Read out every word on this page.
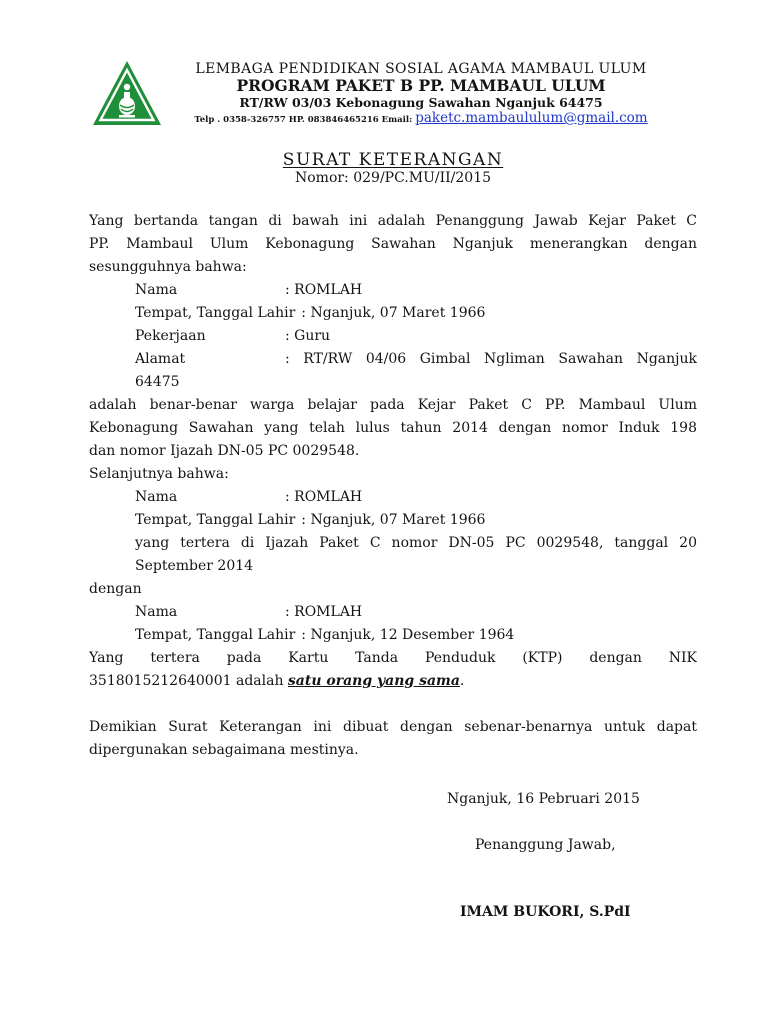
LEMBAGA PENDIDIKAN SOSIAL AGAMA MAMBAUL ULUM
PROGRAM PAKET B PP. MAMBAUL ULUM
RT/RW 03/03 Kebonagung Sawahan Nganjuk 64475
Telp . 0358-326757 HP. 083846465216 Email: paketc.mambaululum@gmail.com
SURAT KETERANGAN
Nomor: 029/PC.MU/II/2015
Yang bertanda tangan di bawah ini adalah Penanggung Jawab Kejar Paket C
PP. Mambaul Ulum Kebonagung Sawahan Nganjuk menerangkan dengan
sesungguhnya bahwa:
Nama	: ROMLAH
Tempat, Tanggal Lahir : Nganjuk, 07 Maret 1966
Pekerjaan	: Guru
Alamat	: RT/RW 04/06 Gimbal Ngliman Sawahan Nganjuk
64475
adalah benar-benar warga belajar pada Kejar Paket C PP. Mambaul Ulum
Kebonagung Sawahan yang telah lulus tahun 2014 dengan nomor Induk 198
dan nomor Ijazah DN-05 PC 0029548.
Selanjutnya bahwa:
Nama	: ROMLAH
Tempat, Tanggal Lahir : Nganjuk, 07 Maret 1966
yang tertera di Ijazah Paket C nomor DN-05 PC 0029548, tanggal 20
September 2014
dengan
Nama	: ROMLAH
Tempat, Tanggal Lahir : Nganjuk, 12 Desember 1964
Yang tertera pada Kartu Tanda Penduduk (KTP) dengan NIK
3518015212640001 adalah satu orang yang sama.
Demikian Surat Keterangan ini dibuat dengan sebenar-benarnya untuk dapat
dipergunakan sebagaimana mestinya.
Nganjuk, 16 Pebruari 2015
Penanggung Jawab,
IMAM BUKORI, S.PdI
